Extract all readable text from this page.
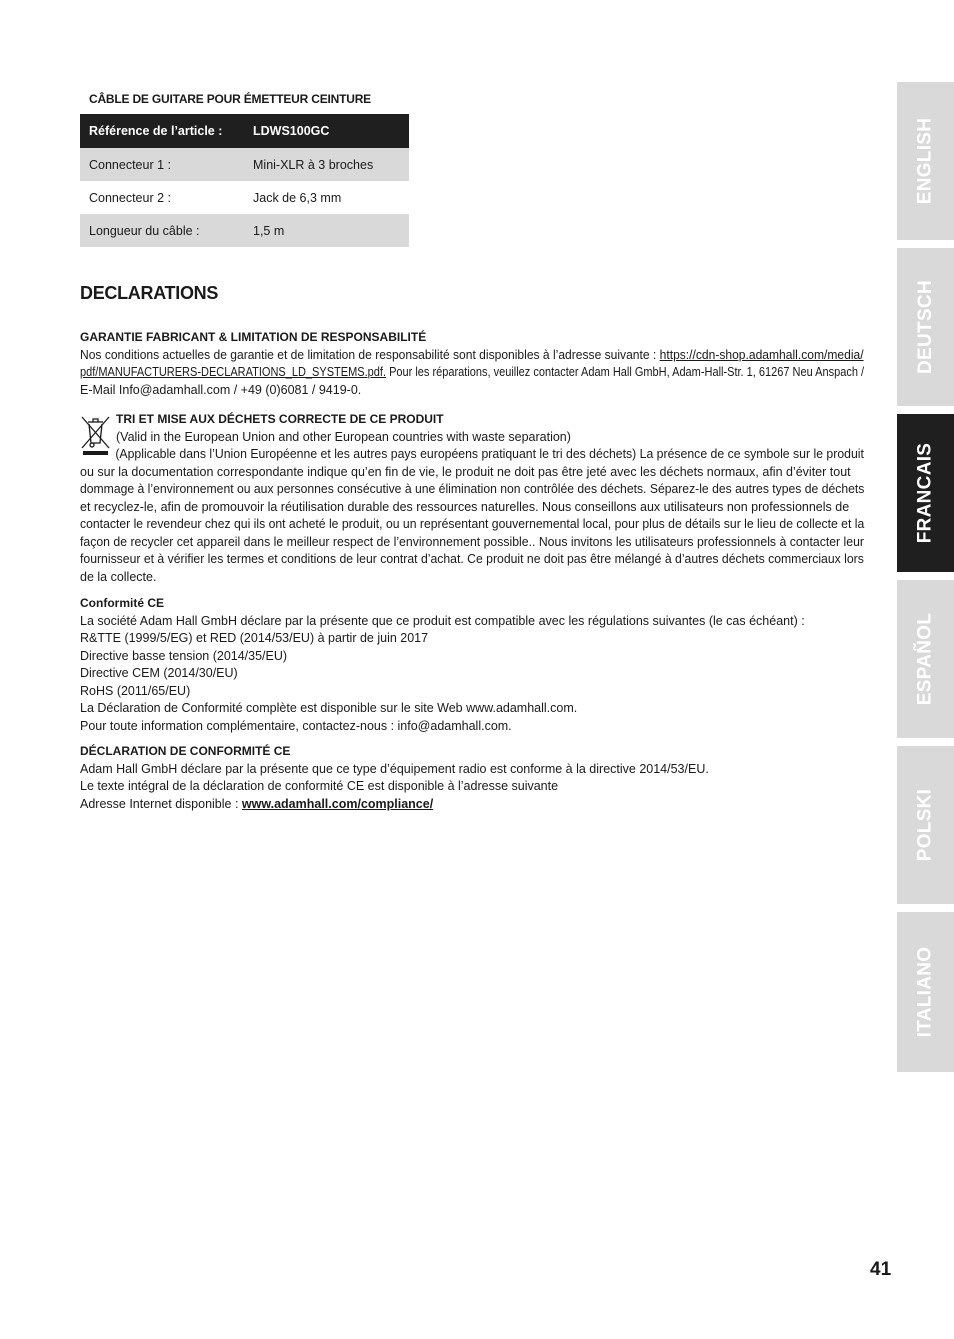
CÂBLE DE GUITARE POUR ÉMETTEUR CEINTURE
Référence de l’article :	LDWS100GC
Connecteur 1 :	Mini-XLR à 3 broches
Connecteur 2 :	Jack de 6,3 mm
Longueur du câble :	1,5 m
DECLARATIONS
GARANTIE FABRICANT & LIMITATION DE RESPONSABILITÉ
Nos conditions actuelles de garantie et de limitation de responsabilité sont disponibles à l’adresse suivante : https://cdn-shop.adamhall.com/media/
pdf/MANUFACTURERS-DECLARATIONS_LD_SYSTEMS.pdf. Pour les réparations, veuillez contacter Adam Hall GmbH, Adam-Hall-Str. 1, 61267 Neu Anspach /
E-Mail Info@adamhall.com / +49 (0)6081 / 9419-0.
TRI ET MISE AUX DÉCHETS CORRECTE DE CE PRODUIT
(Valid in the European Union and other European countries with waste separation)
(Applicable dans l’Union Européenne et les autres pays européens pratiquant le tri des déchets) La présence de ce symbole sur le produit
ou sur la documentation correspondante indique qu’en fin de vie, le produit ne doit pas être jeté avec les déchets normaux, afin d’éviter tout
dommage à l’environnement ou aux personnes consécutive à une élimination non contrôlée des déchets. Séparez-le des autres types de déchets
et recyclez-le, afin de promouvoir la réutilisation durable des ressources naturelles. Nous conseillons aux utilisateurs non professionnels de
contacter le revendeur chez qui ils ont acheté le produit, ou un représentant gouvernemental local, pour plus de détails sur le lieu de collecte et la
façon de recycler cet appareil dans le meilleur respect de l’environnement possible.. Nous invitons les utilisateurs professionnels à contacter leur
fournisseur et à vérifier les termes et conditions de leur contrat d’achat. Ce produit ne doit pas être mélangé à d’autres déchets commerciaux lors
de la collecte.
Conformité CE
La société Adam Hall GmbH déclare par la présente que ce produit est compatible avec les régulations suivantes (le cas échéant) :
R&TTE (1999/5/EG) et RED (2014/53/EU) à partir de juin 2017
Directive basse tension (2014/35/EU)
Directive CEM (2014/30/EU)
RoHS (2011/65/EU)
La Déclaration de Conformité complète est disponible sur le site Web www.adamhall.com.
Pour toute information complémentaire, contactez-nous : info@adamhall.com.
DÉCLARATION DE CONFORMITÉ CE
Adam Hall GmbH déclare par la présente que ce type d’équipement radio est conforme à la directive 2014/53/EU.
Le texte intégral de la déclaration de conformité CE est disponible à l’adresse suivante
Adresse Internet disponible : www.adamhall.com/compliance/
ENGLISH
DEUTSCH
FRANCAIS
ESPAÑOL
POLSKI
ITALIANO
41
